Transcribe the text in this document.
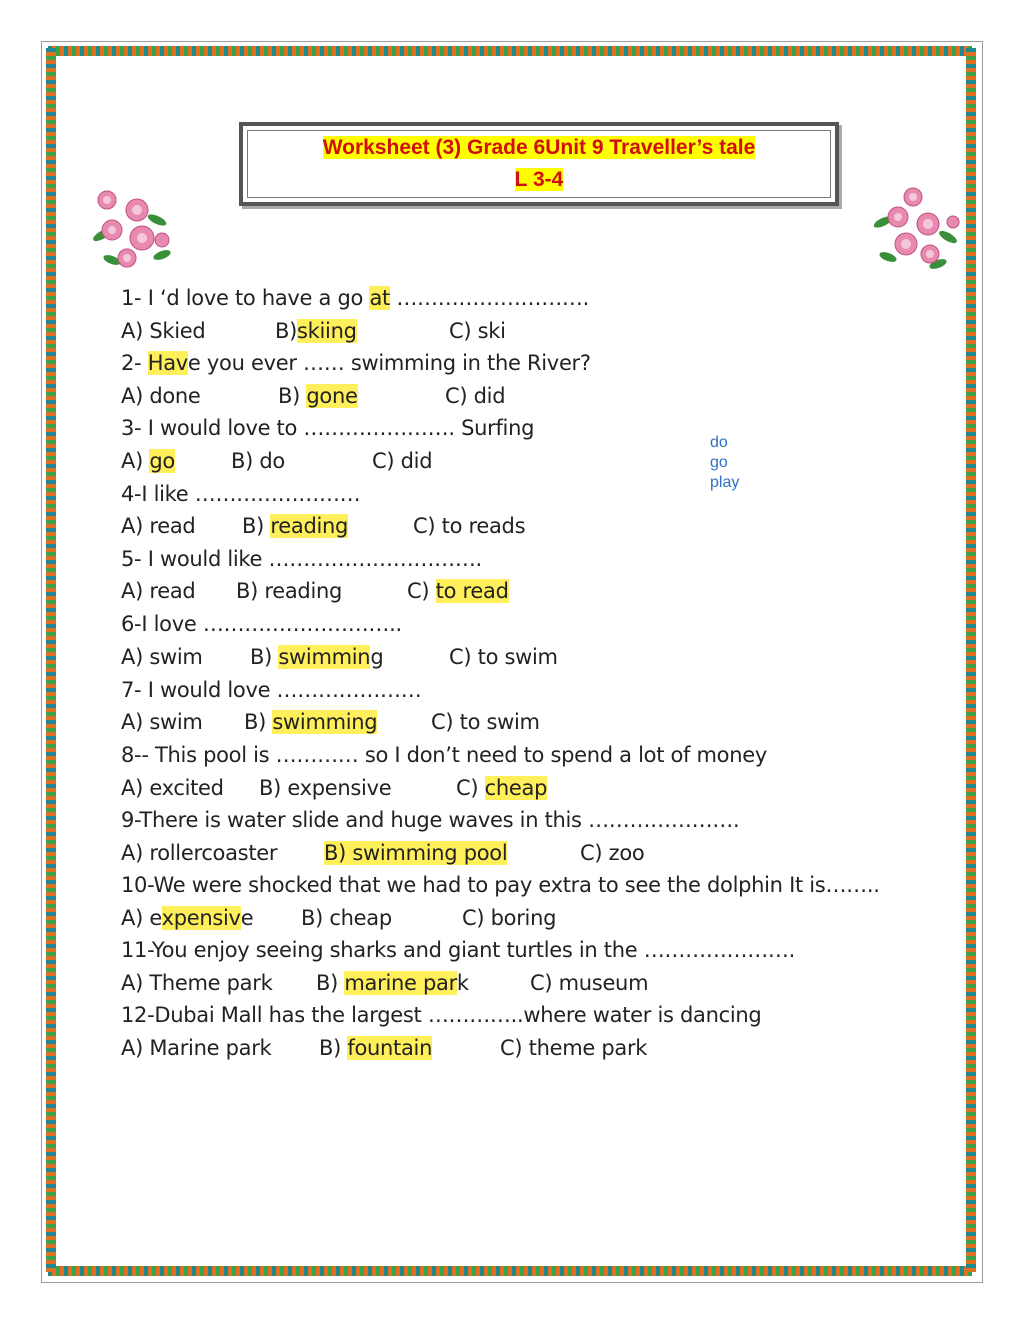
Worksheet (3) Grade 6Unit 9 Traveller’s tale
L 3-4
do
go
play
1- I ‘d love to have a go at ……………………….
A) Skied	B)skiing	C) ski
2- Have you ever …… swimming in the River?
A) done	B) gone	C) did
3- I would love to …………………. Surfing
A) go	B) do	C) did
4-I like ……………………
A) read B) reading	C) to reads
5- I would like ………………………….
A) read B) reading	C) to read
6-I love ………………………..
A) swim B) swimming	C) to swim
7- I would love …………………
A) swim B) swimming	C) to swim
8-- This pool is ………… so I don’t need to spend a lot of money
A) excited B) expensive	C) cheap
9-There is water slide and huge waves in this ………………….
A) rollercoaster B) swimming pool	C) zoo
10-We were shocked that we had to pay extra to see the dolphin It is……..
A) expensive B) cheap	C) boring
11-You enjoy seeing sharks and giant turtles in the ………………….
A) Theme park B) marine park	C) museum
12-Dubai Mall has the largest …………..where water is dancing
A) Marine park B) fountain	C) theme park
